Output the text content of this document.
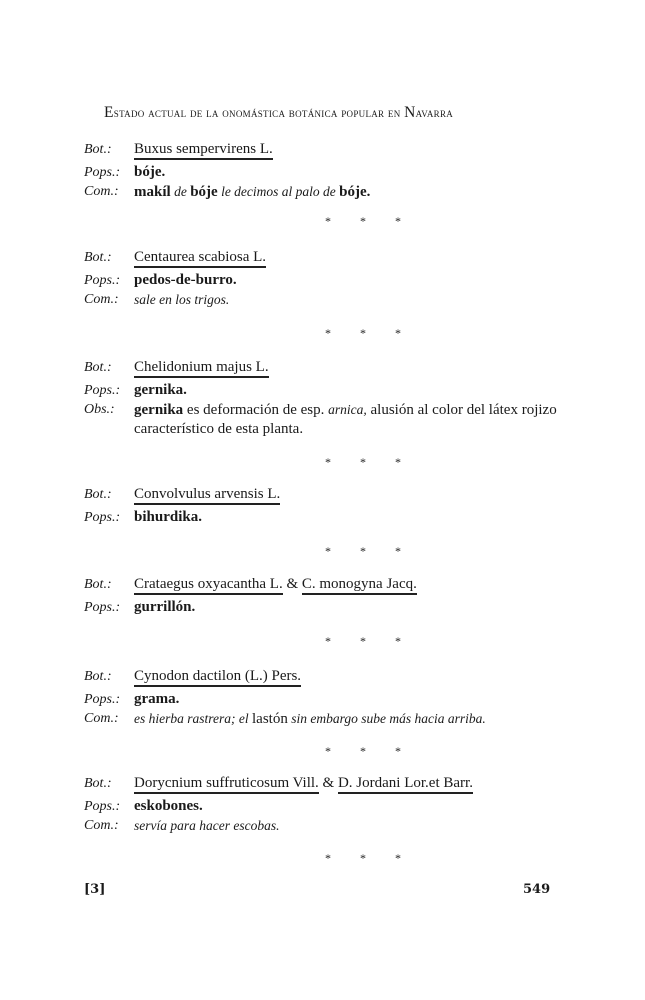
Estado actual de la onomástica botánica popular en Navarra
Bot.:	Buxus sempervirens L.
Pops.: bóje.
Com.:	makíl de bóje le decimos al palo de bóje.
* * *
Bot.:	Centaurea scabiosa L.
Pops.: pedos-de-burro.
Com.:	sale en los trigos.
* * *
Bot.:	Chelidonium majus L.
Pops.: gernika.
Obs.:	gernika es deformación de esp. arnica, alusión al color del látex rojizo característico de esta planta.
* * *
Bot.:	Convolvulus arvensis L.
Pops.: bihurdika.
* * *
Bot.:	Crataegus oxyacantha L. & C. monogyna Jacq.
Pops.: gurrillón.
* * *
Bot.:	Cynodon dactilon (L.) Pers.
Pops.: grama.
Com.:	es hierba rastrera; el lastón sin embargo sube más hacia arriba.
* * *
Bot.:	Dorycnium suffruticosum Vill. & D. Jordani Lor.et Barr.
Pops.: eskobones.
Com.:	servía para hacer escobas.
* * *
[3]	549
